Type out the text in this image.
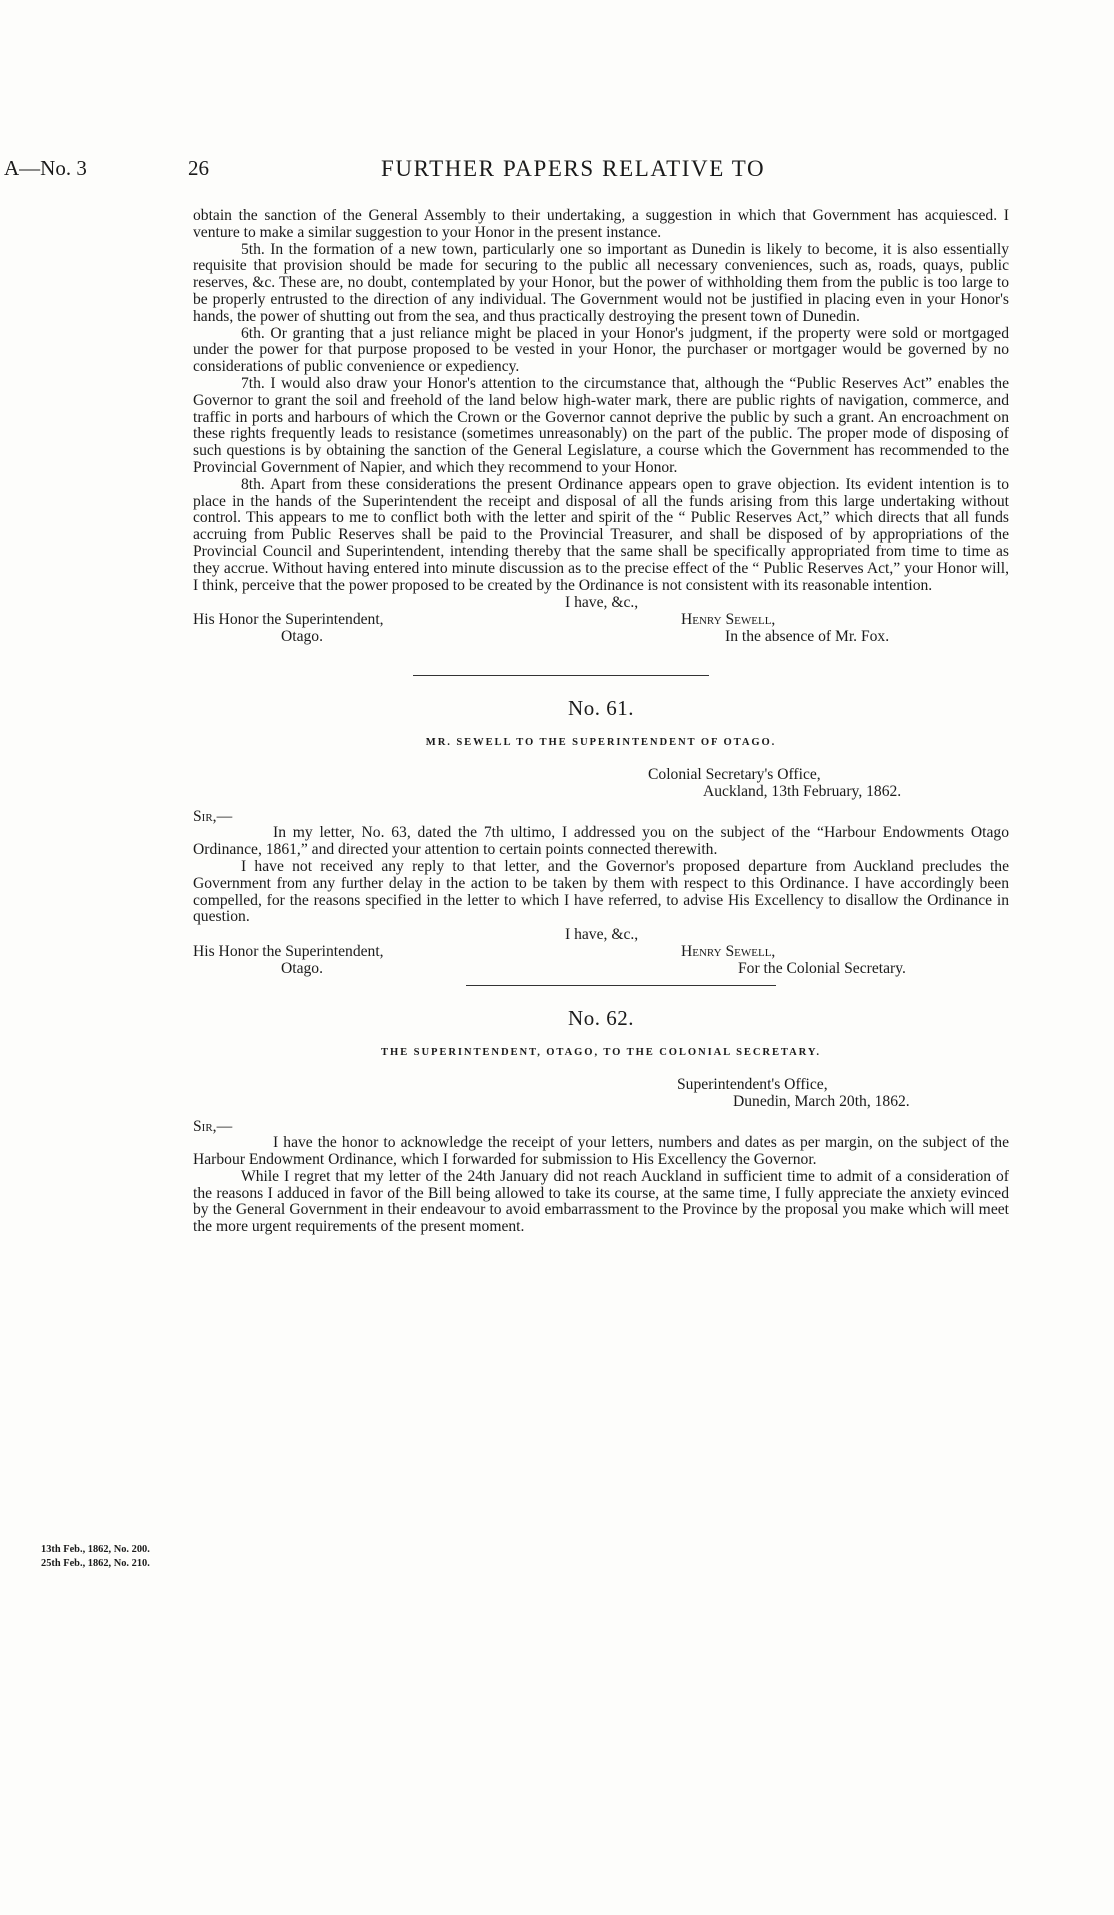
A—No. 3	26	FURTHER PAPERS RELATIVE TO

obtain the sanction of the General Assembly to their undertaking, a suggestion in which that Government has acquiesced. I venture to make a similar suggestion to your Honor in the present instance.

5th. In the formation of a new town, particularly one so important as Dunedin is likely to become, it is also essentially requisite that provision should be made for securing to the public all necessary conveniences, such as, roads, quays, public reserves, &c. These are, no doubt, contemplated by your Honor, but the power of withholding them from the public is too large to be properly entrusted to the direction of any individual. The Government would not be justified in placing even in your Honor's hands, the power of shutting out from the sea, and thus practically destroying the present town of Dunedin.

6th. Or granting that a just reliance might be placed in your Honor's judgment, if the property were sold or mortgaged under the power for that purpose proposed to be vested in your Honor, the purchaser or mortgager would be governed by no considerations of public convenience or expediency.

7th. I would also draw your Honor's attention to the circumstance that, although the “Public Reserves Act” enables the Governor to grant the soil and freehold of the land below high-water mark, there are public rights of navigation, commerce, and traffic in ports and harbours of which the Crown or the Governor cannot deprive the public by such a grant. An encroachment on these rights frequently leads to resistance (sometimes unreasonably) on the part of the public. The proper mode of disposing of such questions is by obtaining the sanction of the General Legislature, a course which the Government has recommended to the Provincial Government of Napier, and which they recommend to your Honor.

8th. Apart from these considerations the present Ordinance appears open to grave objection. Its evident intention is to place in the hands of the Superintendent the receipt and disposal of all the funds arising from this large undertaking without control. This appears to me to conflict both with the letter and spirit of the “ Public Reserves Act,” which directs that all funds accruing from Public Reserves shall be paid to the Provincial Treasurer, and shall be disposed of by appropriations of the Provincial Council and Superintendent, intending thereby that the same shall be specifically appropriated from time to time as they accrue. Without having entered into minute discussion as to the precise effect of the “ Public Reserves Act,” your Honor will, I think, perceive that the power proposed to be created by the Ordinance is not consistent with its reasonable intention.

I have, &c.,
His Honor the Superintendent,	Henry Sewell,
Otago.	In the absence of Mr. Fox.
No. 61.
MR. SEWELL TO THE SUPERINTENDENT OF OTAGO.
Colonial Secretary's Office,
Auckland, 13th February, 1862.
Sir,—

In my letter, No. 63, dated the 7th ultimo, I addressed you on the subject of the “Harbour Endowments Otago Ordinance, 1861,” and directed your attention to certain points connected therewith.

I have not received any reply to that letter, and the Governor's proposed departure from Auckland precludes the Government from any further delay in the action to be taken by them with respect to this Ordinance. I have accordingly been compelled, for the reasons specified in the letter to which I have referred, to advise His Excellency to disallow the Ordinance in question.

I have, &c.,
His Honor the Superintendent,	Henry Sewell,
Otago.	For the Colonial Secretary.
No. 62.
THE SUPERINTENDENT, OTAGO, TO THE COLONIAL SECRETARY.
Superintendent's Office,
Dunedin, March 20th, 1862.
Sir,—

I have the honor to acknowledge the receipt of your letters, numbers and dates as per margin, on the subject of the Harbour Endowment Ordinance, which I forwarded for submission to His Excellency the Governor.

While I regret that my letter of the 24th January did not reach Auckland in sufficient time to admit of a consideration of the reasons I adduced in favor of the Bill being allowed to take its course, at the same time, I fully appreciate the anxiety evinced by the General Government in their endeavour to avoid embarrassment to the Province by the proposal you make which will meet the more urgent requirements of the present moment.

13th Feb., 1862, No. 200.
25th Feb., 1862, No. 210.
